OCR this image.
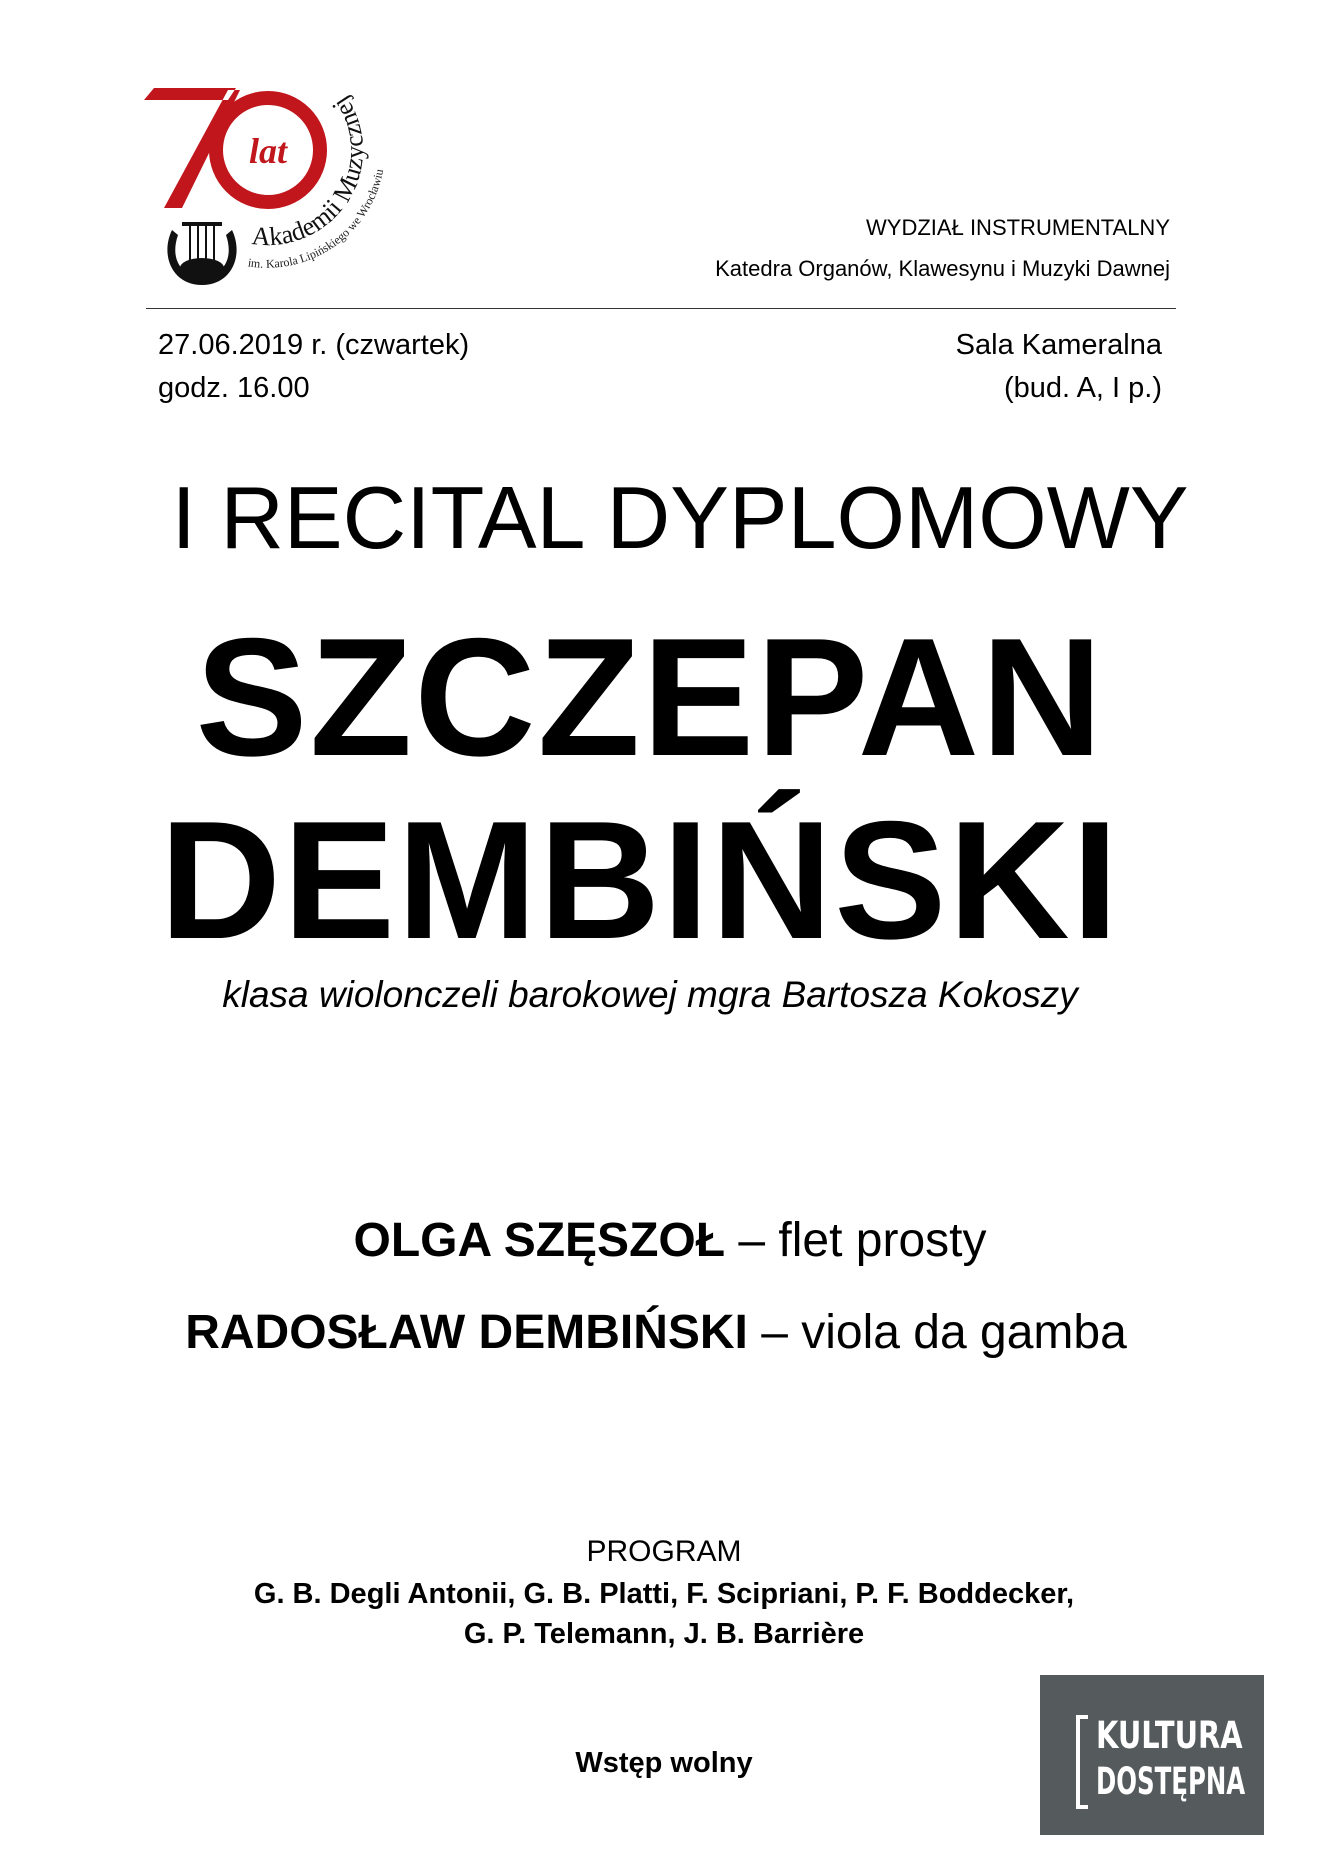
lat
Akademii Muzycznej
im. Karola Lipińskiego we Wrocławiu
WYDZIAŁ INSTRUMENTALNY
Katedra Organów, Klawesynu i Muzyki Dawnej
27.06.2019 r. (czwartek)
godz. 16.00
Sala Kameralna
(bud. A, I p.)
I RECITAL DYPLOMOWY
SZCZEPAN
DEMBIŃSKI
klasa wiolonczeli barokowej mgra Bartosza Kokoszy
OLGA SZĘSZOŁ – flet prosty
RADOSŁAW DEMBIŃSKI – viola da gamba
PROGRAM
G. B. Degli Antonii, G. B. Platti, F. Scipriani, P. F. Boddecker,
G. P. Telemann, J. B. Barrière
Wstęp wolny
KULTURA
DOSTĘPNA
